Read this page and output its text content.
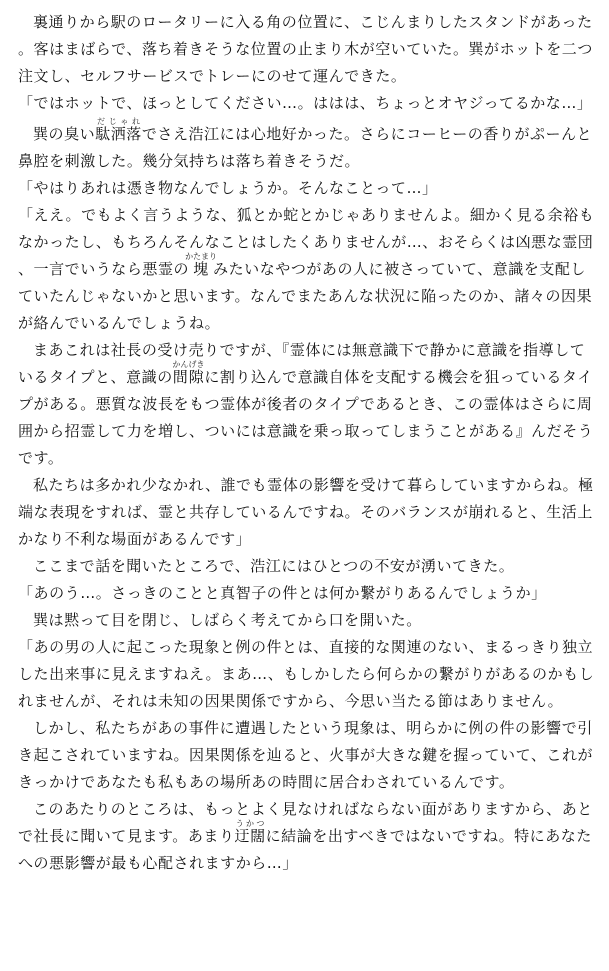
裏通りから駅のロータリーに入る角の位置に、こじんまりしたスタンドがあった。客はまばらで、落ち着きそうな位置の止まり木が空いていた。巽がホットを二つ注文し、セルフサービスでトレーにのせて運んできた。

「ではホットで、ほっとしてください…。ははは、ちょっとオヤジってるかな…」

巽の臭い駄洒落だじゃれでさえ浩江には心地好かった。さらにコーヒーの香りがぷーんと鼻腔を刺激した。幾分気持ちは落ち着きそうだ。

「やはりあれは憑き物なんでしょうか。そんなことって…」

「ええ。でもよく言うような、狐とか蛇とかじゃありませんよ。細かく見る余裕もなかったし、もちろんそんなことはしたくありませんが…、おそらくは凶悪な霊団、一言でいうなら悪霊の塊かたまりみたいなやつがあの人に被さっていて、意識を支配していたんじゃないかと思います。なんでまたあんな状況に陥ったのか、諸々の因果が絡んでいるんでしょうね。

まあこれは社長の受け売りですが、『霊体には無意識下で静かに意識を指導しているタイプと、意識の間隙かんげきに割り込んで意識自体を支配する機会を狙っているタイプがある。悪質な波長をもつ霊体が後者のタイプであるとき、この霊体はさらに周囲から招霊して力を増し、ついには意識を乗っ取ってしまうことがある』んだそうです。

私たちは多かれ少なかれ、誰でも霊体の影響を受けて暮らしていますからね。極端な表現をすれば、霊と共存しているんですね。そのバランスが崩れると、生活上かなり不利な場面があるんです」

ここまで話を聞いたところで、浩江にはひとつの不安が湧いてきた。

「あのう…。さっきのことと真智子の件とは何か繋がりあるんでしょうか」

巽は黙って目を閉じ、しばらく考えてから口を開いた。

「あの男の人に起こった現象と例の件とは、直接的な関連のない、まるっきり独立した出来事に見えますねえ。まあ…、もしかしたら何らかの繋がりがあるのかもしれませんが、それは未知の因果関係ですから、今思い当たる節はありません。

しかし、私たちがあの事件に遭遇したという現象は、明らかに例の件の影響で引き起こされていますね。因果関係を辿ると、火事が大きな鍵を握っていて、これがきっかけであなたも私もあの場所あの時間に居合わされているんです。

このあたりのところは、もっとよく見なければならない面がありますから、あとで社長に聞いて見ます。あまり迂闊うかつに結論を出すべきではないですね。特にあなたへの悪影響が最も心配されますから…」
